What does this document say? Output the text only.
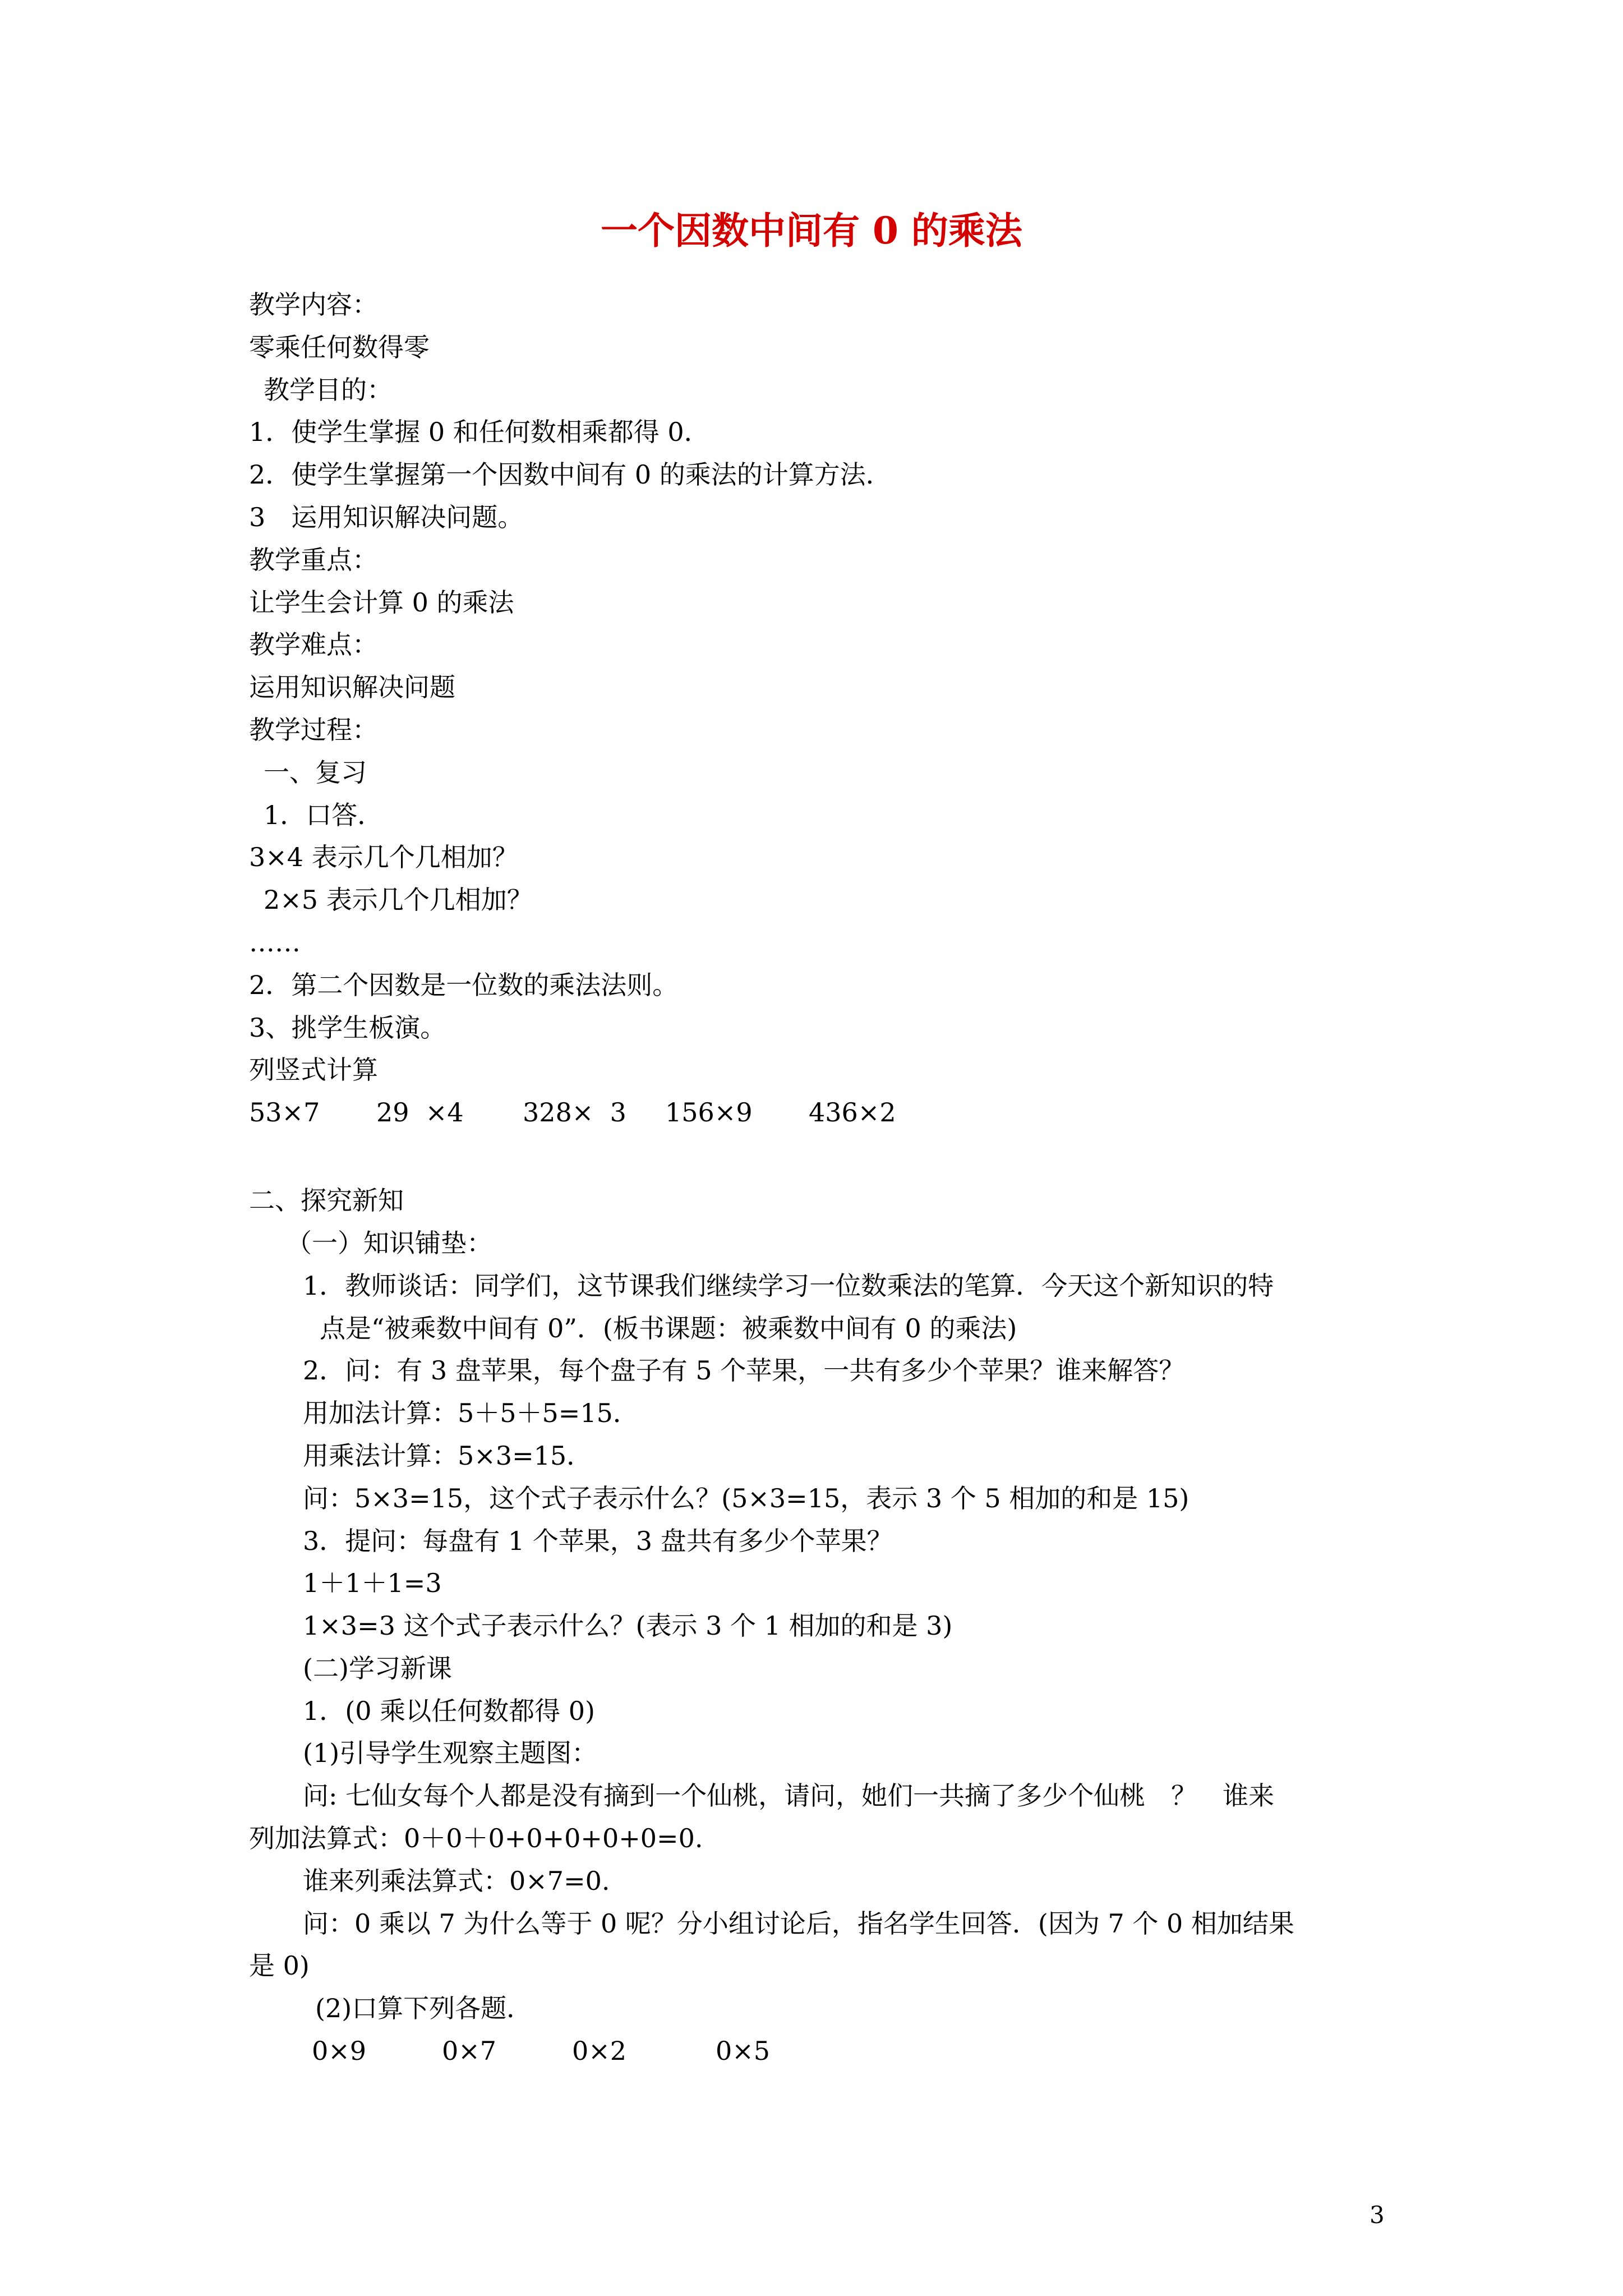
一个因数中间有 0 的乘法
教学内容：
零乘任何数得零
教学目的：
1．使学生掌握 0 和任何数相乘都得 0．
2．使学生掌握第一个因数中间有 0 的乘法的计算方法．
3　运用知识解决问题。
教学重点：
让学生会计算 0 的乘法
教学难点：
运用知识解决问题
教学过程：
一、复习
1．口答．
3×4 表示几个几相加？
2×5 表示几个几相加？
……
2．第二个因数是一位数的乘法法则。
3、挑学生板演。
列竖式计算
53×7 29  ×4 328×  3 156×9 436×2
二、探究新知
（一）知识铺垫：
1．教师谈话：同学们，这节课我们继续学习一位数乘法的笔算．今天这个新知识的特
点是“被乘数中间有 0”．(板书课题：被乘数中间有 0 的乘法)
2．问：有 3 盘苹果，每个盘子有 5 个苹果，一共有多少个苹果？谁来解答？
用加法计算：5＋5＋5=15．
用乘法计算：5×3=15．
问：5×3=15，这个式子表示什么？(5×3=15，表示 3 个 5 相加的和是 15)
3．提问：每盘有 1 个苹果，3 盘共有多少个苹果？
1＋1＋1=3
1×3=3 这个式子表示什么？(表示 3 个 1 相加的和是 3)
(二)学习新课
1．(0 乘以任何数都得 0)
(1)引导学生观察主题图：
问: 七仙女每个人都是没有摘到一个仙桃，请问，她们一共摘了多少个仙桃　？　谁来
列加法算式：0＋0＋0+0+0+0+0=0.
谁来列乘法算式：0×7=0.
问：0 乘以 7 为什么等于 0 呢？分小组讨论后，指名学生回答．(因为 7 个 0 相加结果
是 0)
(2)口算下列各题．
0×9	0×7	0×2	0×5
3
